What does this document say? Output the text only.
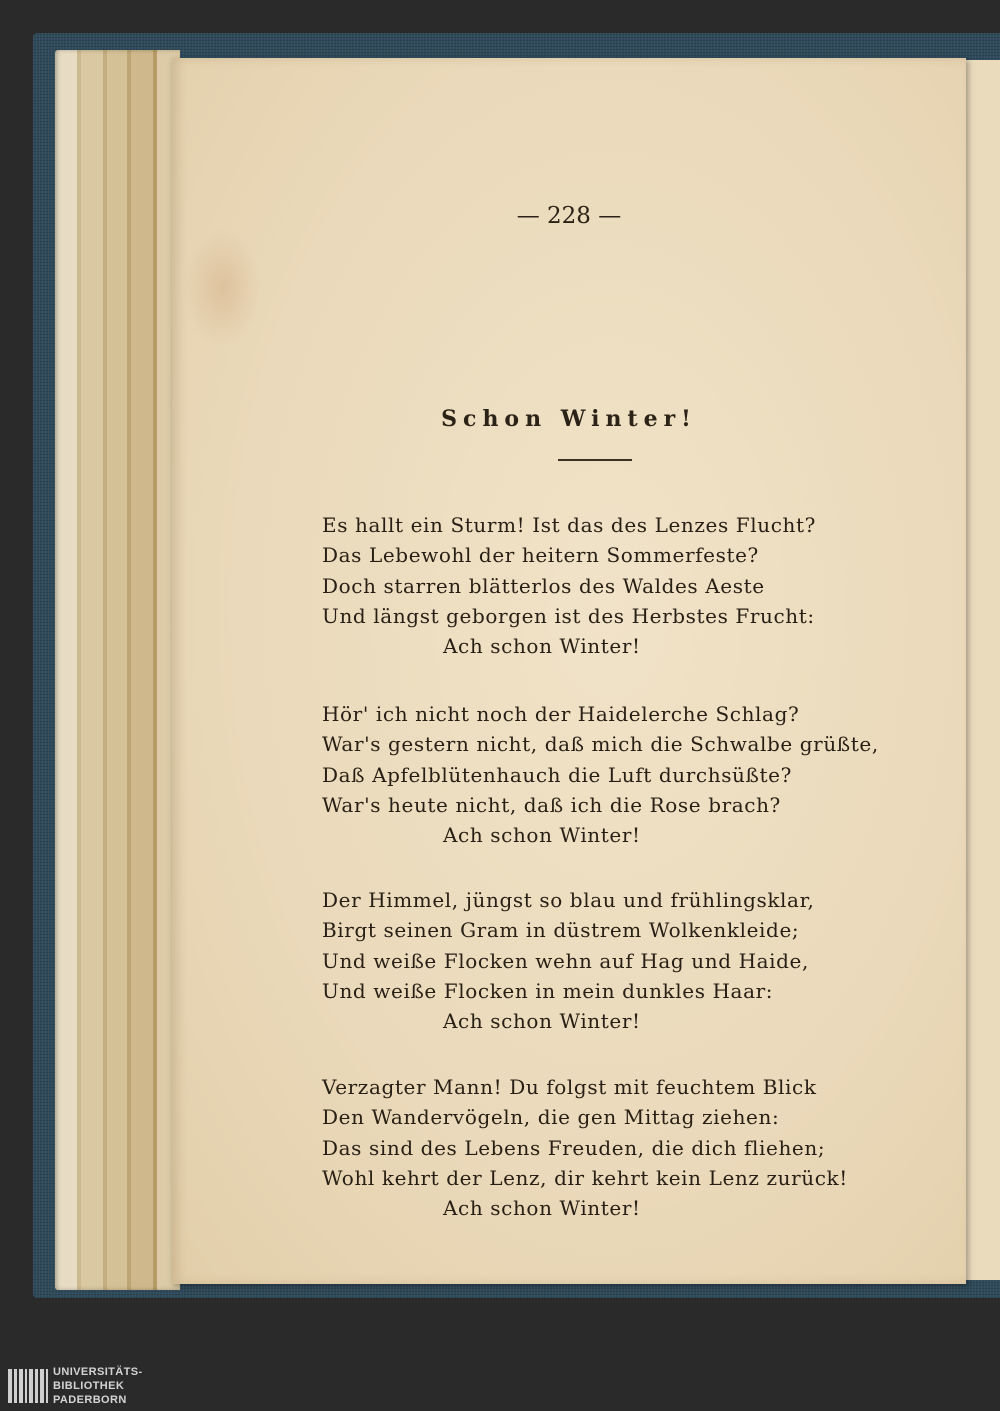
— 228 —
Schon Winter!
Es hallt ein Sturm! Ist das des Lenzes Flucht?
Das Lebewohl der heitern Sommerfeste?
Doch starren blätterlos des Waldes Aeste
Und längst geborgen ist des Herbstes Frucht:
Ach schon Winter!
Hör' ich nicht noch der Haidelerche Schlag?
War's gestern nicht, daß mich die Schwalbe grüßte,
Daß Apfelblütenhauch die Luft durchsüßte?
War's heute nicht, daß ich die Rose brach?
Ach schon Winter!
Der Himmel, jüngst so blau und frühlingsklar,
Birgt seinen Gram in düstrem Wolkenkleide;
Und weiße Flocken wehn auf Hag und Haide,
Und weiße Flocken in mein dunkles Haar:
Ach schon Winter!
Verzagter Mann! Du folgst mit feuchtem Blick
Den Wandervögeln, die gen Mittag ziehen:
Das sind des Lebens Freuden, die dich fliehen;
Wohl kehrt der Lenz, dir kehrt kein Lenz zurück!
Ach schon Winter!
UNIVERSITÄTS-
BIBLIOTHEK
PADERBORN
